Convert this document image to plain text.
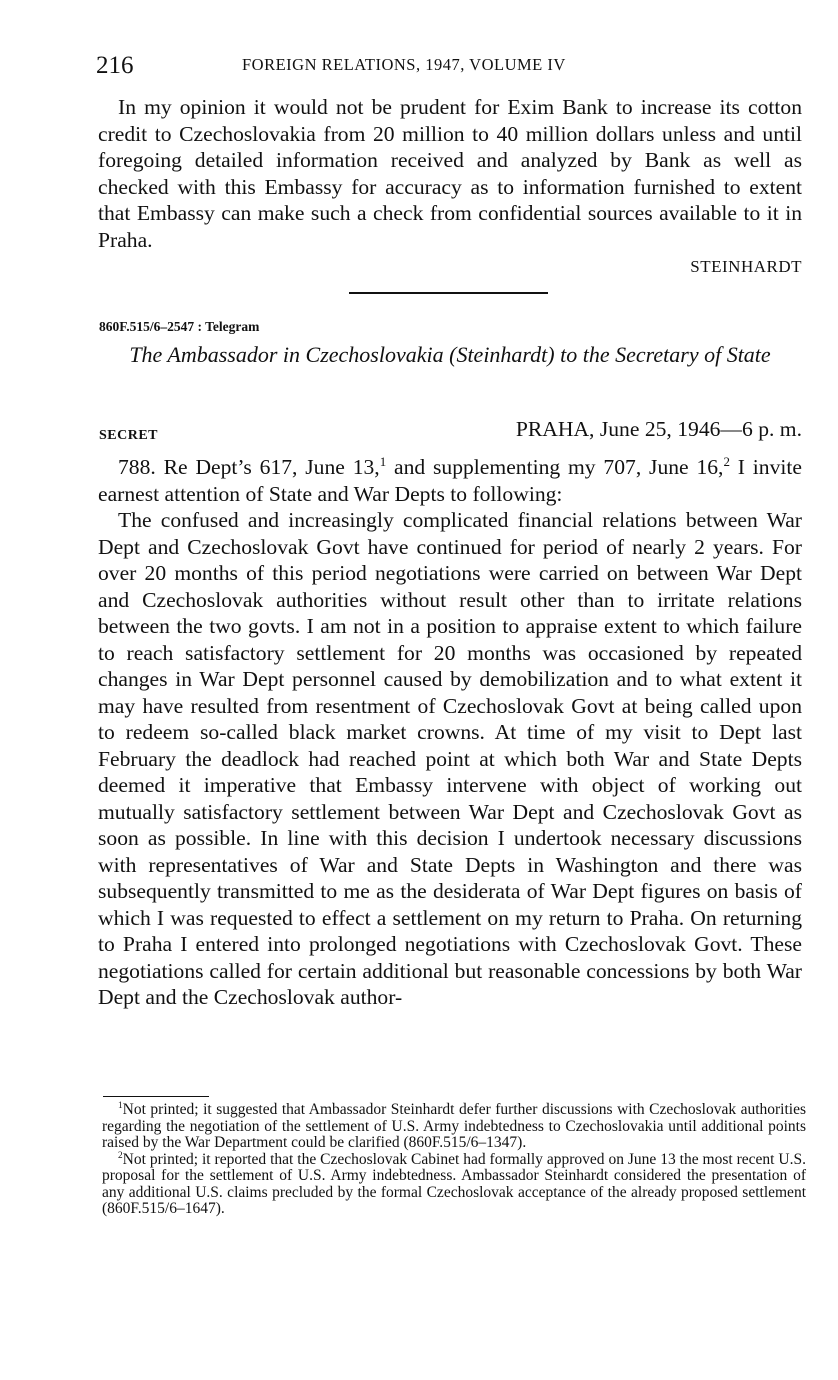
216	FOREIGN RELATIONS, 1947, VOLUME IV

In my opinion it would not be prudent for Exim Bank to increase its cotton credit to Czechoslovakia from 20 million to 40 million dollars unless and until foregoing detailed information received and analyzed by Bank as well as checked with this Embassy for accuracy as to information furnished to extent that Embassy can make such a check from confidential sources available to it in Praha.

STEINHARDT
860F.515/6–2547 : Telegram
The Ambassador in Czechoslovakia (Steinhardt) to the Secretary of State
SECRET	PRAHA, June 25, 1946—6 p. m.

788. Re Dept’s 617, June 13,$^1$ and supplementing my 707, June 16,$^2$ I invite earnest attention of State and War Depts to following:

The confused and increasingly complicated financial relations between War Dept and Czechoslovak Govt have continued for period of nearly 2 years. For over 20 months of this period negotiations were carried on between War Dept and Czechoslovak authorities without result other than to irritate relations between the two govts. I am not in a position to appraise extent to which failure to reach satisfactory settlement for 20 months was occasioned by repeated changes in War Dept personnel caused by demobilization and to what extent it may have resulted from resentment of Czechoslovak Govt at being called upon to redeem so-called black market crowns. At time of my visit to Dept last February the deadlock had reached point at which both War and State Depts deemed it imperative that Embassy intervene with object of working out mutually satisfactory settlement between War Dept and Czechoslovak Govt as soon as possible. In line with this decision I undertook necessary discussions with representatives of War and State Depts in Washington and there was subsequently transmitted to me as the desiderata of War Dept figures on basis of which I was requested to effect a settlement on my return to Praha. On returning to Praha I entered into prolonged negotiations with Czechoslovak Govt. These negotiations called for certain additional but reasonable concessions by both War Dept and the Czechoslovak author-

$^1$Not printed; it suggested that Ambassador Steinhardt defer further discussions with Czechoslovak authorities regarding the negotiation of the settlement of U.S. Army indebtedness to Czechoslovakia until additional points raised by the War Department could be clarified (860F.515/6–1347).

$^2$Not printed; it reported that the Czechoslovak Cabinet had formally approved on June 13 the most recent U.S. proposal for the settlement of U.S. Army indebtedness. Ambassador Steinhardt considered the presentation of any additional U.S. claims precluded by the formal Czechoslovak acceptance of the already proposed settlement (860F.515/6–1647).
